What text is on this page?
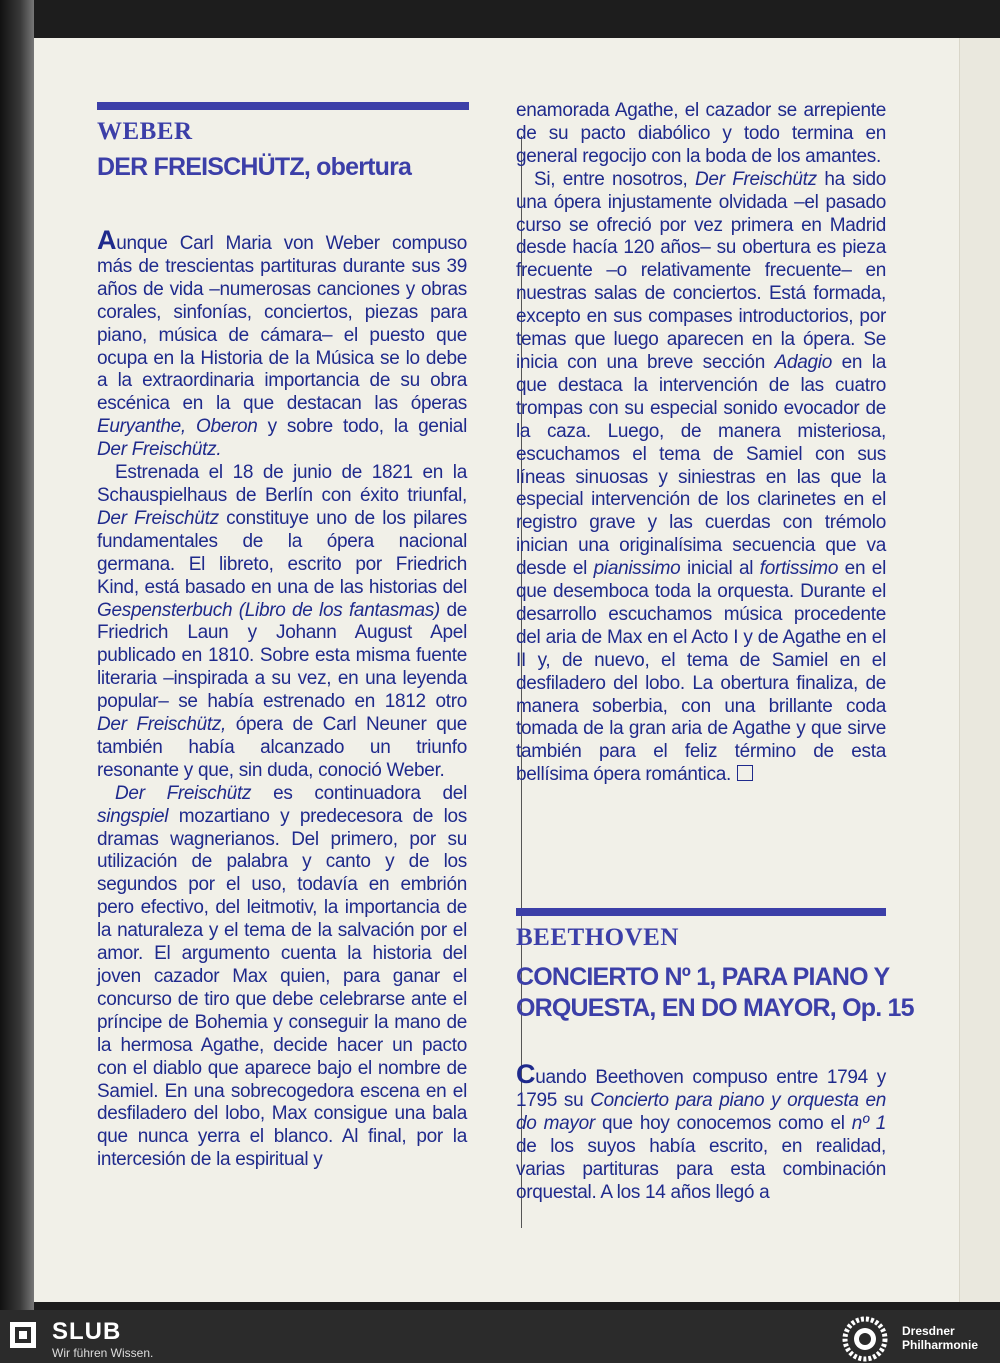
WEBER
DER FREISCHÜTZ, obertura

Aunque Carl Maria von Weber compuso más de trescientas partituras durante sus 39 años de vida –numerosas canciones y obras corales, sinfonías, conciertos, piezas para piano, música de cámara– el puesto que ocupa en la Historia de la Música se lo debe a la extraordinaria importancia de su obra escénica en la que destacan las óperas Euryanthe, Oberon y sobre todo, la genial Der Freischütz.

Estrenada el 18 de junio de 1821 en la Schauspielhaus de Berlín con éxito triunfal, Der Freischütz constituye uno de los pilares fundamentales de la ópera nacional germana. El libreto, escrito por Friedrich Kind, está basado en una de las historias del Gespensterbuch (Libro de los fantasmas) de Friedrich Laun y Johann August Apel publicado en 1810. Sobre esta misma fuente literaria –inspirada a su vez, en una leyenda popular– se había estrenado en 1812 otro Der Freischütz, ópera de Carl Neuner que también había alcanzado un triunfo resonante y que, sin duda, conoció Weber.

Der Freischütz es continuadora del singspiel mozartiano y predecesora de los dramas wagnerianos. Del primero, por su utilización de palabra y canto y de los segundos por el uso, todavía en embrión pero efectivo, del leitmotiv, la importancia de la naturaleza y el tema de la salvación por el amor. El argumento cuenta la historia del joven cazador Max quien, para ganar el concurso de tiro que debe celebrarse ante el príncipe de Bohemia y conseguir la mano de la hermosa Agathe, decide hacer un pacto con el diablo que aparece bajo el nombre de Samiel. En una sobrecogedora escena en el desfiladero del lobo, Max consigue una bala que nunca yerra el blanco. Al final, por la intercesión de la espiritual y

enamorada Agathe, el cazador se arrepiente de su pacto diabólico y todo termina en general regocijo con la boda de los amantes.

Si, entre nosotros, Der Freischütz ha sido una ópera injustamente olvidada –el pasado curso se ofreció por vez primera en Madrid desde hacía 120 años– su obertura es pieza frecuente –o relativamente frecuente– en nuestras salas de conciertos. Está formada, excepto en sus compases introductorios, por temas que luego aparecen en la ópera. Se inicia con una breve sección Adagio en la que destaca la intervención de las cuatro trompas con su especial sonido evocador de la caza. Luego, de manera misteriosa, escuchamos el tema de Samiel con sus líneas sinuosas y siniestras en las que la especial intervención de los clarinetes en el registro grave y las cuerdas con trémolo inician una originalísima secuencia que va desde el pianissimo inicial al fortissimo en el que desemboca toda la orquesta. Durante el desarrollo escuchamos música procedente del aria de Max en el Acto I y de Agathe en el II y, de nuevo, el tema de Samiel en el desfiladero del lobo. La obertura finaliza, de manera soberbia, con una brillante coda tomada de la gran aria de Agathe y que sirve también para el feliz término de esta bellísima ópera romántica.

BEETHOVEN
CONCIERTO Nº 1, PARA PIANO Y
ORQUESTA, EN DO MAYOR, Op. 15

Cuando Beethoven compuso entre 1794 y 1795 su Concierto para piano y orquesta en do mayor que hoy conocemos como el nº 1 de los suyos había escrito, en realidad, varias partituras para esta combinación orquestal. A los 14 años llegó a

SLUB
Wir führen Wissen.
Dresdner
Philharmonie
